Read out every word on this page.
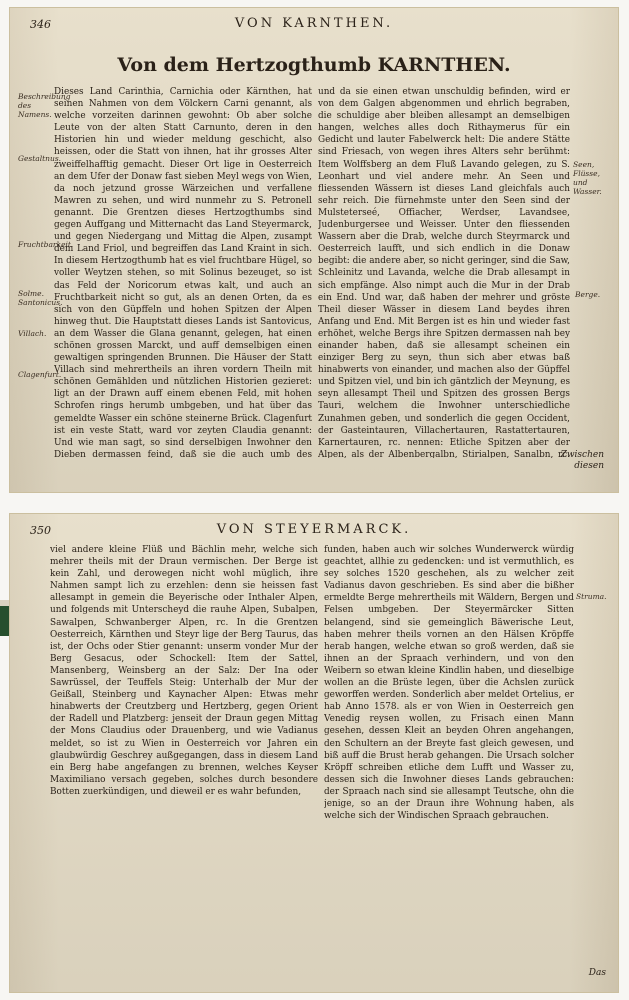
346	VON KARNTHEN.
Von dem Hertzogthumb KARNTHEN.
Beschreibung des Namens.
Gestaltnus.
Fruchtbarkeit.
Solme. Santonicus.
Villach.
Clagenfurt.
Seen, Flüsse, und Wasser.
Berge.

Dieses Land Carinthia, Carnichia oder Kärnthen, hat seinen Nahmen von dem Völckern Carni genannt, als welche vorzeiten darinnen gewohnt: Ob aber solche Leute von der alten Statt Carnunto, deren in den Historien hin und wieder meldung geschicht, also heissen, oder die Statt von ihnen, hat ihr grosses Alter zweiffelhafftig gemacht. Dieser Ort lige in Oesterreich an dem Ufer der Donaw fast sieben Meyl wegs von Wien, da noch jetzund grosse Wärzeichen und verfallene Mawren zu sehen, und wird nunmehr zu S. Petronell genannt. Die Grentzen dieses Hertzogthumbs sind gegen Auffgang und Mitternacht das Land Steyermarck, und gegen Niedergang und Mittag die Alpen, zusampt dem Land Friol, und begreiffen das Land Kraint in sich. In diesem Hertzogthumb hat es viel fruchtbare Hügel, so voller Weytzen stehen, so mit Solinus bezeuget, so ist das Feld der Noricorum etwas kalt, und auch an Fruchtbarkeit nicht so gut, als an denen Orten, da es sich von den Güpffeln und hohen Spitzen der Alpen hinweg thut. Die Hauptstatt dieses Lands ist Santovicus, an dem Wasser die Glana genannt, gelegen, hat einen schönen grossen Marckt, und auff demselbigen einen gewaltigen springenden Brunnen. Die Häuser der Statt Villach sind mehrertheils an ihren vordern Theiln mit schönen Gemählden und nützlichen Historien gezieret: ligt an der Drawn auff einem ebenen Feld, mit hohen Schrofen rings herumb umbgeben, und hat über das gemeldte Wasser ein schöne steinerne Brück. Clagenfurt ist ein veste Statt, ward vor zeyten Claudia genannt: Und wie man sagt, so sind derselbigen Inwohner den Dieben dermassen feind, daß sie die auch umb des

und da sie einen etwan unschuldig befinden, wird er von dem Galgen abgenommen und ehrlich begraben, die schuldige aber bleiben allesampt an demselbigen hangen, welches alles doch Rithaymerus für ein Gedicht und lauter Fabelwerck helt: Die andere Stätte sind Friesach, von wegen ihres Alters sehr berühmt: Item Wolffsberg an dem Fluß Lavando gelegen, zu S. Leonhart und viel andere mehr. An Seen und fliessenden Wässern ist dieses Land gleichfals auch sehr reich. Die fürnehmste unter den Seen sind der Mulsteterseé, Offiacher, Werdser, Lavandsee, Judenburgersee und Weisser. Unter den fliessenden Wassern aber die Drab, welche durch Steyrmarck und Oesterreich laufft, und sich endlich in die Donaw begibt: die andere aber, so nicht geringer, sind die Saw, Schleinitz und Lavanda, welche die Drab allesampt in sich empfänge. Also nimpt auch die Mur in der Drab ein End. Und war, daß haben der mehrer und gröste Theil dieser Wässer in diesem Land beydes ihren Anfang und End. Mit Bergen ist es hin und wieder fast erhöhet, welche Bergs ihre Spitzen dermassen nah bey einander haben, daß sie allesampt scheinen ein einziger Berg zu seyn, thun sich aber etwas baß hinabwerts von einander, und machen also der Güpffel und Spitzen viel, und bin ich gäntzlich der Meynung, es seyn allesampt Theil und Spitzen des grossen Bergs Tauri, welchem die Inwohner unterschiedliche Zunahmen geben, und sonderlich die gegen Occident, der Gasteintauren, Villachertauren, Rastattertauren, Karnertauren, rc. nennen: Etliche Spitzen aber der Alpen, als der Albenbergalbn, Stirialpen, Sanalbn, rc.

Zwischen diesen
350	VON STEYERMARCK.
Struma.

viel andere kleine Flüß und Bächlin mehr, welche sich mehrer theils mit der Draun vermischen. Der Berge ist kein Zahl, und derowegen nicht wohl müglich, ihre Nahmen sampt lich zu erzehlen: denn sie heissen fast allesampt in gemein die Beyerische oder Inthaler Alpen, und folgends mit Unterscheyd die rauhe Alpen, Subalpen, Sawalpen, Schwanberger Alpen, rc. In die Grentzen Oesterreich, Kärnthen und Steyr lige der Berg Taurus, das ist, der Ochs oder Stier genannt: unserm vonder Mur der Berg Gesacus, oder Schockell: Item der Sattel, Mansenberg, Weinsberg an der Salz: Der Ina oder Sawrüssel, der Teuffels Steig: Unterhalb der Mur der Geißall, Steinberg und Kaynacher Alpen: Etwas mehr hinabwerts der Creutzberg und Hertzberg, gegen Orient der Radell und Platzberg: jenseit der Draun gegen Mittag der Mons Claudius oder Drauenberg, und wie Vadianus meldet, so ist zu Wien in Oesterreich vor Jahren ein glaubwürdig Geschrey außgegangen, dass in diesem Land ein Berg habe angefangen zu brennen, welches Keyser Maximiliano versach gegeben, solches durch besondere Botten zuerkündigen, und dieweil er es wahr befunden,

funden, haben auch wir solches Wunderwerck würdig geachtet, allhie zu gedencken: und ist vermuthlich, es sey solches 1520 geschehen, als zu welcher zeit Vadianus davon geschrieben. Es sind aber die bißher ermeldte Berge mehrertheils mit Wäldern, Bergen und Felsen umbgeben. Der Steyermärcker Sitten belangend, sind sie gemeinglich Bäwerische Leut, haben mehrer theils vornen an den Hälsen Kröpffe herab hangen, welche etwan so groß werden, daß sie ihnen an der Spraach verhindern, und von den Weibern so etwan kleine Kindlin haben, und dieselbige wollen an die Brüste legen, über die Achslen zurück geworffen werden. Sonderlich aber meldet Ortelius, er hab Anno 1578. als er von Wien in Oesterreich gen Venedig reysen wollen, zu Frisach einen Mann gesehen, dessen Kleit an beyden Ohren angehangen, den Schultern an der Breyte fast gleich gewesen, und biß auff die Brust herab gehangen. Die Ursach solcher Kröpff schreiben etliche dem Lufft und Wasser zu, dessen sich die Inwohner dieses Lands gebrauchen: der Spraach nach sind sie allesampt Teutsche, ohn die jenige, so an der Draun ihre Wohnung haben, als welche sich der Windischen Spraach gebrauchen.

Das
